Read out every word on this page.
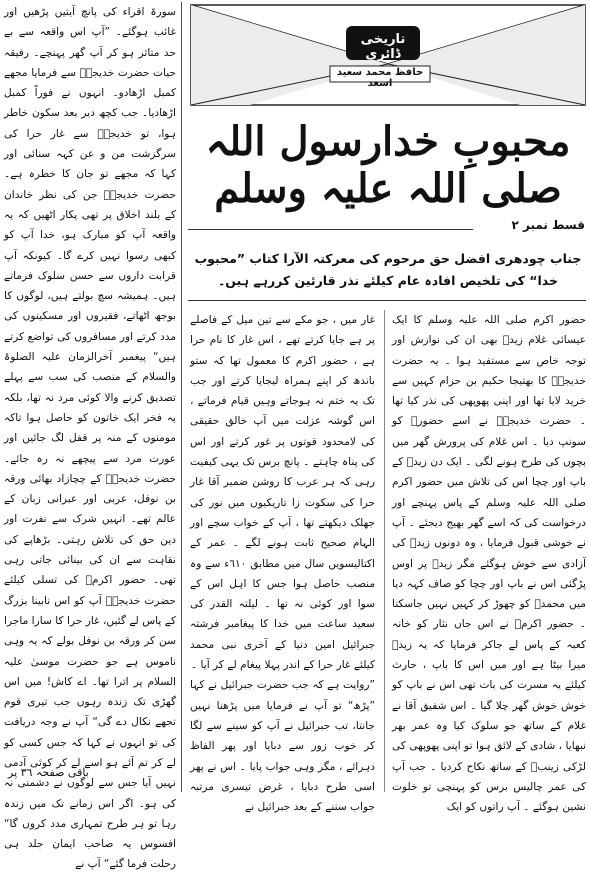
سورۃ اقراء کی پانچ آیتیں پڑھیں اور غائب ہوگئے۔ ”آپ اس واقعہ سے بے حد متاثر ہو کر آپ گھر پہنچے۔ رفیقہ حیات حضرت خدیجہؓ سے فرمایا مجھے کمبل اڑھادو۔ انہوں نے فوراً کمبل اڑھادیا۔ جب کچھ دیر بعد سکون خاطر ہوا، تو خدیجہؓ سے غار حرا کی سرگزشت من و عن کہہ سنائی اور کہا کہ مجھے تو جان کا خطرہ ہے۔ حضرت خدیجہؓ جن کی نظر خاندان کے بلند اخلاق پر تھی پکار اٹھیں کہ یہ واقعہ آپ کو مبارک ہو، خدا آپ کو کبھی رسوا نہیں کرے گا۔ کیونکہ آپ قرابت داروں سے حسن سلوک فرماتے ہیں۔ ہمیشہ سچ بولتے ہیں، لوگوں کا بوجھ اٹھاتے، فقیروں اور مسکینوں کی مدد کرتے اور مسافروں کی تواضع کرتے ہیں“ پیغمبر آخرالزمان علیہ الصلوۃ والسلام کے منصب کی سب سے پہلے تصدیق کرنے والا کوئی مرد نہ تھا، بلکہ یہ فخر ایک خاتون کو حاصل ہوا تاکہ مومنوں کے منہ پر قفل لگ جائیں اور عورت مرد سے پیچھے نہ رہ جائے۔ حضرت خدیجہؓ کے چچازاد بھائی ورقہ بن نوفل، عربی اور عبرانی زبان کے عالم تھے۔ انہیں شرک سے نفرت اور دین حق کی تلاش رہتی۔ بڑھاپے کی نقاہت سے ان کی بینائی جاتی رہی تھی۔ حضور اکرمؐ کی تسلی کیلئے حضرت خدیجہؓ آپ کو اس نابینا بزرگ کے پاس لے گئیں، غار حرا کا سارا ماجرا سن کر ورقہ بن نوفل بولے کہ یہ وہی ناموس ہے جو حضرت موسیٰ علیہ السلام پر اترا تھا۔ اے کاش! میں اس گھڑی تک زندہ رہوں جب تیری قوم تجھے نکال دے گی“ آپ نے وجہ دریافت کی تو انہوں نے کہا کہ جس کسی کو لے کر تم آئے ہو اسے لے کر کوئی آدمی نہیں آیا جس سے لوگوں نے دشمنی نہ کی ہو۔ اگر اس زمانے تک میں زندہ رہا تو ہر طرح تمہاری مدد کروں گا“ افسوس یہ صاحب ایمان جلد ہی رحلت فرما گئے“ آپ نے

باقی صفحہ ٣٦ پر
تاریخی ڈائری
حافظ محمد سعید اسعد
محبوبِ خدارسول اللہ صلی اللہ علیہ وسلم
قسط نمبر ٢
جناب چودھری افضل حق مرحوم کی معرکتہ الآرا کتاب ”محبوب خدا“ کی تلخیص افادہ عام کیلئے نذر قارئین کررہے ہیں۔

غار میں ، جو مکے سے تین میل کے فاصلے پر ہے جایا کرتے تھے ، اس غار کا نام حرا ہے ، حضور اکرم کا معمول تھا کہ ستو باندھ کر اپنے ہمراہ لیجایا کرتے اور جب تک یہ ختم نہ ہوجاتے وہیں قیام فرماتے ، اس گوشہ عزلت میں آپ خالق حقیقی کی لامحدود قوتوں پر غور کرتے اور اس کی پناہ چاہتے ۔ پانچ برس تک یہی کیفیت رہی کہ ہر عرب کا روشن ضمیر آقا غار حرا کی سکوت زا تاریکیوں میں نور کی جھلک دیکھتے تھا ، آپ کے خواب سچے اور الہام صحیح ثابت ہونے لگے ۔ عمر کے اکتالیسویں سال میں مطابق ٦١٠ء سے وہ منصب حاصل ہوا جس کا اہل اس کے سوا اور کوئی نہ تھا ۔ لیلتہ القدر کی سعید ساعت میں خدا کا پیغامبر فرشتہ جبرائیل امین دنیا کے آخری نبی محمد کیلئے غار حرا کے اندر پہلا پیغام لے کر آیا ۔

”روایت ہے کہ جب حضرت جبرائیل نے کہا ”پڑھ“ تو آپ نے فرمایا میں پڑھنا نہیں جانتا، تب جبرائیل نے آپ کو سینے سے لگا کر خوب زور سے دبایا اور پھر الفاظ دہرائے ، مگر وہی جواب پایا ۔ اس نے پھر اسی طرح دبایا ، غرض تیسری مرتبہ جواب سننے کے بعد جبرائیل نے

حضور اکرم صلی اللہ علیہ وسلم کا ایک عیسائی غلام زیدؓ بھی ان کی نوازش اور توجہ خاص سے مستفید ہوا ۔ یہ حضرت خدیجہؓ کا بھتیجا حکیم بن حزام کہیں سے خرید لایا تھا اور اپنی پھوپھی کی نذر کیا تھا ۔ حضرت خدیجہؓ نے اسے حضورؐ کو سونپ دیا ۔ اس غلام کی پرورش گھر میں بچوں کی طرح ہونے لگی ۔ ایک دن زیدؓ کے باپ اور چچا اس کی تلاش میں حضور اکرم صلی اللہ علیہ وسلم کے پاس پہنچے اور درخواست کی کہ اسے گھر بھیج دیجئے ۔ آپ نے خوشی قبول فرمایا ، وہ دونوں زیدؓ کی آزادی سے خوش ہوگئے مگر زیدؓ پر اوس پڑگئی اس نے باپ اور چچا کو صاف کہہ دیا میں محمدؐ کو چھوڑ کر کہیں نہیں جاسکتا ۔ حضور اکرمؐ نے اس جاں نثار کو خانہ کعبہ کے پاس لے جاکر فرمایا کہ یہ زیدؓ میرا بیٹا ہے اور میں اس کا باپ ، حارث کیلئے یہ مسرت کی بات تھی اس نے باپ کو خوش خوش گھر چلا گیا ۔ اس شفیق آقا نے غلام کے ساتھ جو سلوک کیا وہ عمر بھر نبھایا ، شادی کے لائق ہوا تو اپنی پھوپھی کی لڑکی زینبؓ کے ساتھ نکاح کردیا ۔ جب آپ کی عمر چالیس برس کو پہنچی تو خلوت نشین ہوگئے ۔ آپ راتوں کو ایک
